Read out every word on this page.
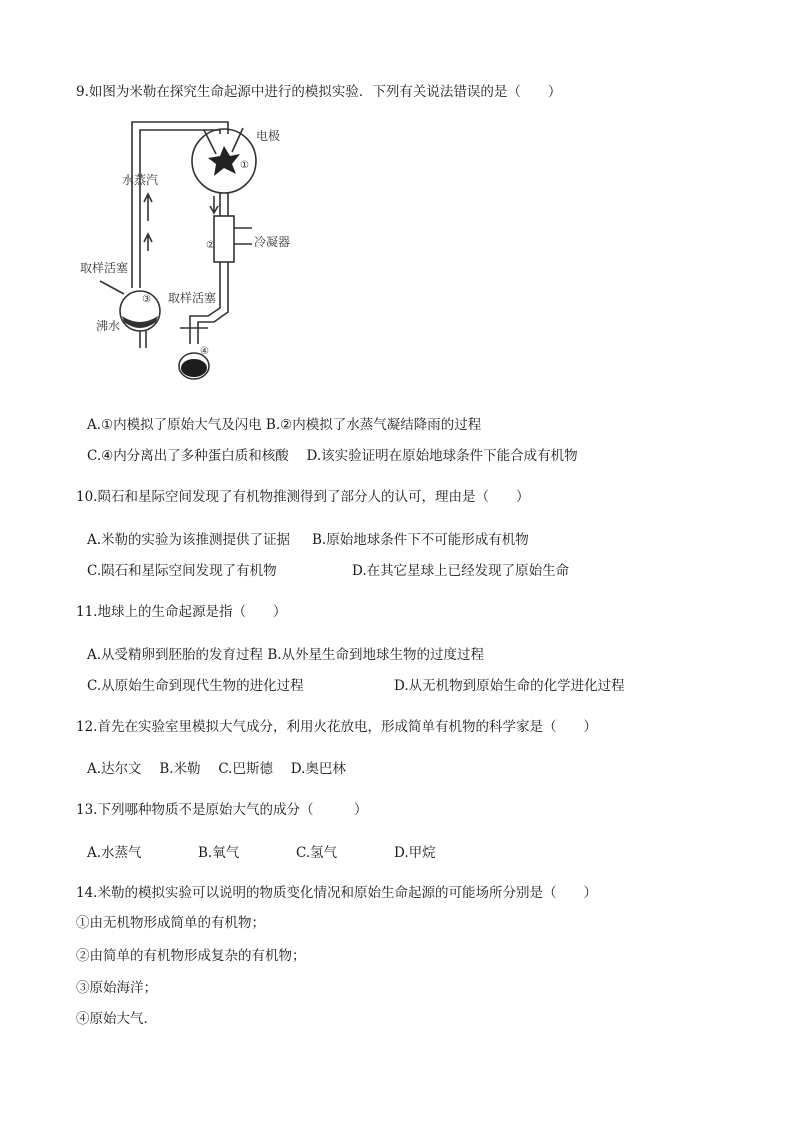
9.如图为米勒在探究生命起源中进行的模拟实验．下列有关说法错误的是（　　）
电极
①
水蒸汽
②	冷凝器
取样活塞
取样活塞
③
沸水
④
A.①内模拟了原始大气及闪电 B.②内模拟了水蒸气凝结降雨的过程
C.④内分离出了多种蛋白质和核酸　 D.该实验证明在原始地球条件下能合成有机物
10.陨石和星际空间发现了有机物推测得到了部分人的认可，理由是（　　）
A.米勒的实验为该推测提供了证据 B.原始地球条件下不可能形成有机物
C.陨石和星际空间发现了有机物	D.在其它星球上已经发现了原始生命
11.地球上的生命起源是指（　　）
A.从受精卵到胚胎的发育过程 B.从外星生命到地球生物的过度过程
C.从原始生命到现代生物的进化过程	D.从无机物到原始生命的化学进化过程
12.首先在实验室里模拟大气成分，利用火花放电，形成简单有机物的科学家是（　　）
A.达尔文　 B.米勒　 C.巴斯德　 D.奥巴林
13.下列哪种物质不是原始大气的成分（　　　）
A.水蒸气	B.氧气	C.氢气	D.甲烷
14.米勒的模拟实验可以说明的物质变化情况和原始生命起源的可能场所分别是（　　）
①由无机物形成简单的有机物；
②由简单的有机物形成复杂的有机物；
③原始海洋；
④原始大气．
